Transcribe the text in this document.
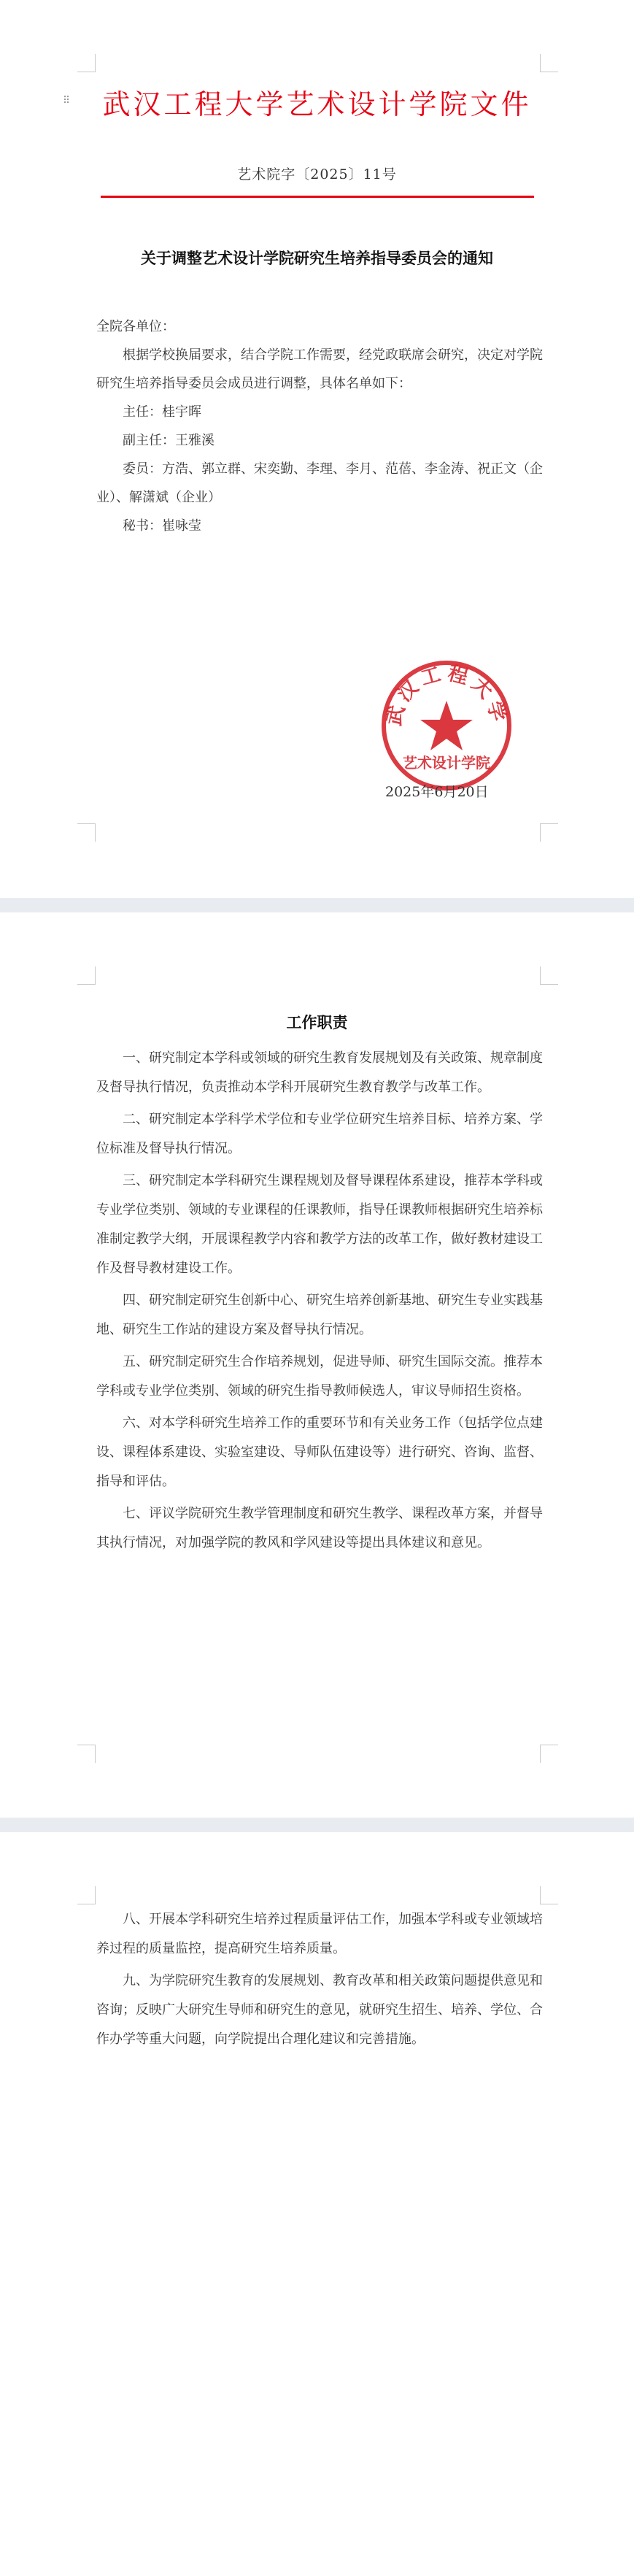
⠿	武汉工程大学艺术设计学院文件
艺术院字〔2025〕11号
关于调整艺术设计学院研究生培养指导委员会的通知

全院各单位：

根据学校换届要求，结合学院工作需要，经党政联席会研究，决定对学院研究生培养指导委员会成员进行调整，具体名单如下：

主任：桂宇晖

副主任：王雅溪

委员：方浩、郭立群、宋奕勤、李理、李月、范蓓、李金涛、祝正文（企业）、解潇斌（企业）

秘书：崔咏莹

武汉工程大学
艺术设计学院
2025年6月20日
工作职责

一、研究制定本学科或领域的研究生教育发展规划及有关政策、规章制度及督导执行情况，负责推动本学科开展研究生教育教学与改革工作。

二、研究制定本学科学术学位和专业学位研究生培养目标、培养方案、学位标准及督导执行情况。

三、研究制定本学科研究生课程规划及督导课程体系建设，推荐本学科或专业学位类别、领域的专业课程的任课教师，指导任课教师根据研究生培养标准制定教学大纲，开展课程教学内容和教学方法的改革工作，做好教材建设工作及督导教材建设工作。

四、研究制定研究生创新中心、研究生培养创新基地、研究生专业实践基地、研究生工作站的建设方案及督导执行情况。

五、研究制定研究生合作培养规划，促进导师、研究生国际交流。推荐本学科或专业学位类别、领域的研究生指导教师候选人，审议导师招生资格。

六、对本学科研究生培养工作的重要环节和有关业务工作（包括学位点建设、课程体系建设、实验室建设、导师队伍建设等）进行研究、咨询、监督、指导和评估。

七、评议学院研究生教学管理制度和研究生教学、课程改革方案，并督导其执行情况，对加强学院的教风和学风建设等提出具体建议和意见。

八、开展本学科研究生培养过程质量评估工作，加强本学科或专业领域培养过程的质量监控，提高研究生培养质量。

九、为学院研究生教育的发展规划、教育改革和相关政策问题提供意见和咨询；反映广大研究生导师和研究生的意见，就研究生招生、培养、学位、合作办学等重大问题，向学院提出合理化建议和完善措施。
